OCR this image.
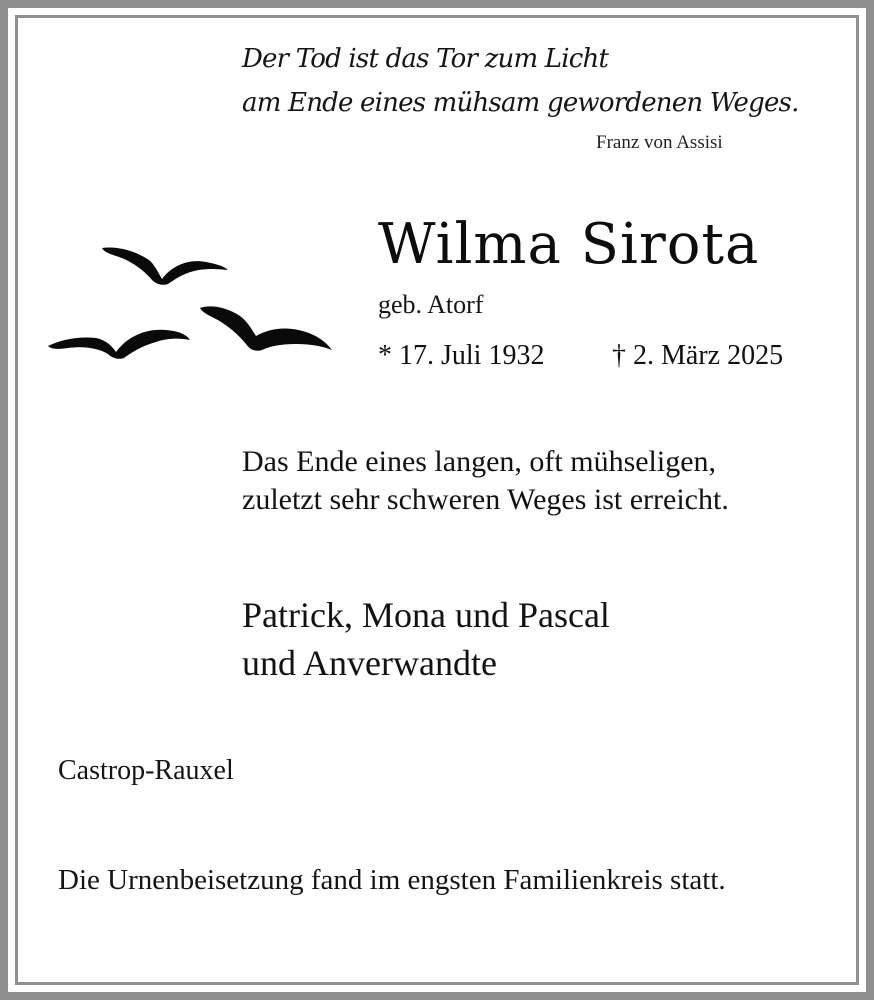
Der Tod ist das Tor zum Licht
am Ende eines mühsam gewordenen Weges.
Franz von Assisi
Wilma Sirota
geb. Atorf
* 17. Juli 1932 † 2. März 2025
Das Ende eines langen, oft mühseligen,
zuletzt sehr schweren Weges ist erreicht.
Patrick, Mona und Pascal
und Anverwandte
Castrop-Rauxel
Die Urnenbeisetzung fand im engsten Familienkreis statt.
